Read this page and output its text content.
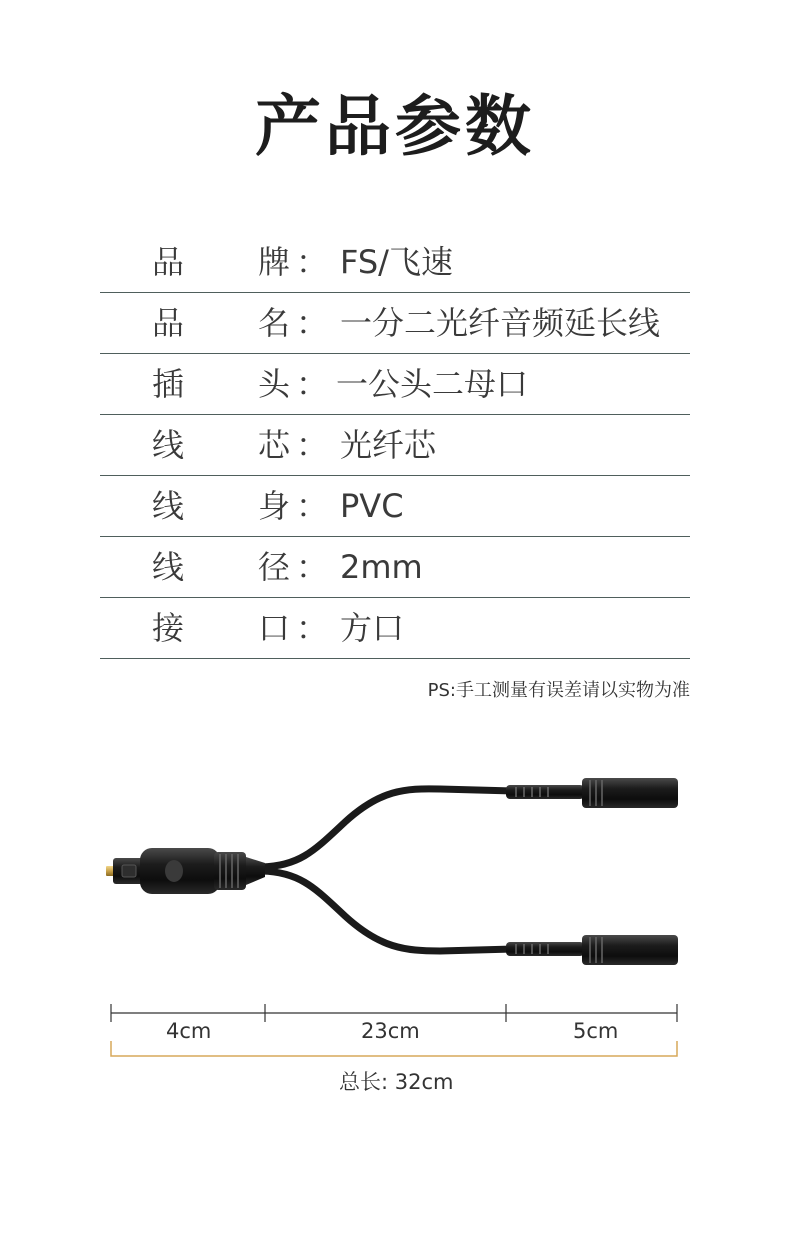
产品参数
品 牌 ： FS/飞速
品 名 ： 一分二光纤音频延长线
插 头 ： 一公头二母口
线 芯 ： 光纤芯
线 身 ： PVC
线 径 ： 2mm
接 口 ： 方口
PS:手工测量有误差请以实物为准
4cm	23cm	5cm
总长: 32cm
